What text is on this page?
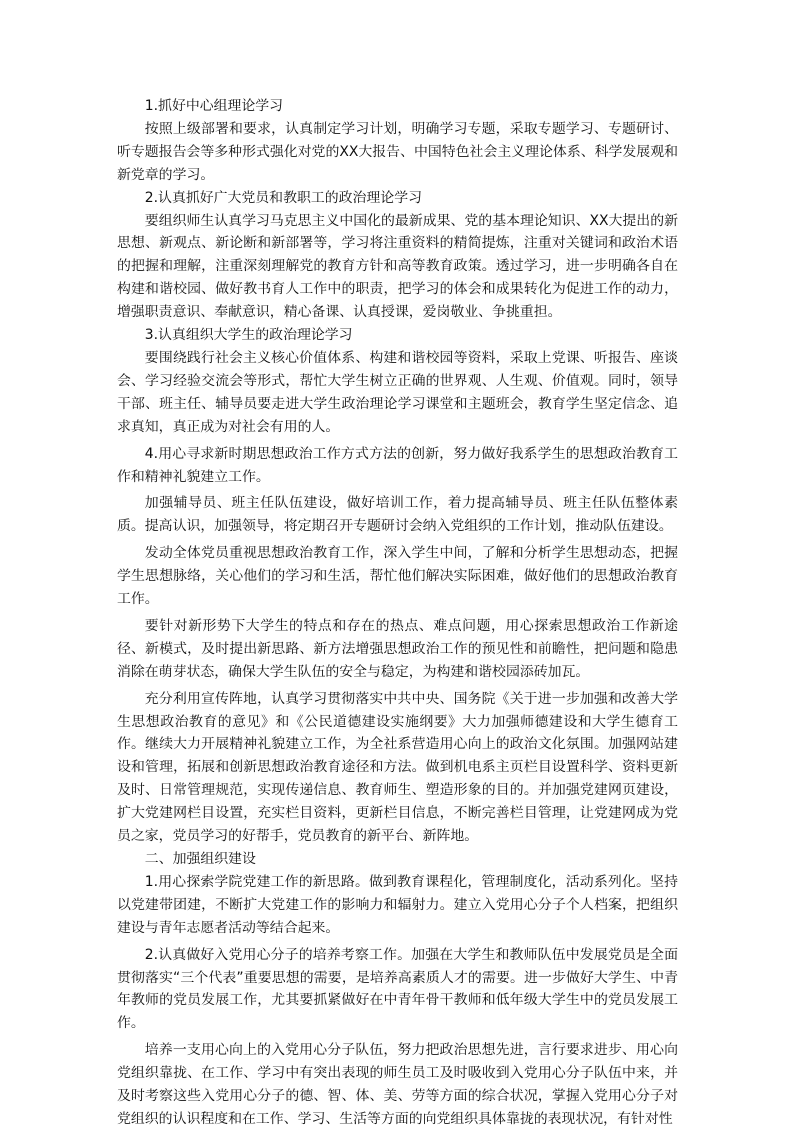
1.抓好中心组理论学习

按照上级部署和要求，认真制定学习计划，明确学习专题，采取专题学习、专题研讨、听专题报告会等多种形式强化对党的XX大报告、中国特色社会主义理论体系、科学发展观和新党章的学习。

2.认真抓好广大党员和教职工的政治理论学习

要组织师生认真学习马克思主义中国化的最新成果、党的基本理论知识、XX大提出的新思想、新观点、新论断和新部署等，学习将注重资料的精简提炼，注重对关键词和政治术语的把握和理解，注重深刻理解党的教育方针和高等教育政策。透过学习，进一步明确各自在构建和谐校园、做好教书育人工作中的职责，把学习的体会和成果转化为促进工作的动力，增强职责意识、奉献意识，精心备课、认真授课，爱岗敬业、争挑重担。

3.认真组织大学生的政治理论学习

要围绕践行社会主义核心价值体系、构建和谐校园等资料，采取上党课、听报告、座谈会、学习经验交流会等形式，帮忙大学生树立正确的世界观、人生观、价值观。同时，领导干部、班主任、辅导员要走进大学生政治理论学习课堂和主题班会，教育学生坚定信念、追求真知，真正成为对社会有用的人。

4.用心寻求新时期思想政治工作方式方法的创新，努力做好我系学生的思想政治教育工作和精神礼貌建立工作。

加强辅导员、班主任队伍建设，做好培训工作，着力提高辅导员、班主任队伍整体素质。提高认识，加强领导，将定期召开专题研讨会纳入党组织的工作计划，推动队伍建设。

发动全体党员重视思想政治教育工作，深入学生中间，了解和分析学生思想动态，把握学生思想脉络，关心他们的学习和生活，帮忙他们解决实际困难，做好他们的思想政治教育工作。

要针对新形势下大学生的特点和存在的热点、难点问题，用心探索思想政治工作新途径、新模式，及时提出新思路、新方法增强思想政治工作的预见性和前瞻性，把问题和隐患消除在萌芽状态，确保大学生队伍的安全与稳定，为构建和谐校园添砖加瓦。

充分利用宣传阵地，认真学习贯彻落实中共中央、国务院《关于进一步加强和改善大学生思想政治教育的意见》和《公民道德建设实施纲要》大力加强师德建设和大学生德育工作。继续大力开展精神礼貌建立工作，为全社系营造用心向上的政治文化氛围。加强网站建设和管理，拓展和创新思想政治教育途径和方法。做到机电系主页栏目设置科学、资料更新及时、日常管理规范，实现传递信息、教育师生、塑造形象的目的。并加强党建网页建设，扩大党建网栏目设置，充实栏目资料，更新栏目信息，不断完善栏目管理，让党建网成为党员之家，党员学习的好帮手，党员教育的新平台、新阵地。

二、加强组织建设

1.用心探索学院党建工作的新思路。做到教育课程化，管理制度化，活动系列化。坚持以党建带团建，不断扩大党建工作的影响力和辐射力。建立入党用心分子个人档案，把组织建设与青年志愿者活动等结合起来。

2.认真做好入党用心分子的培养考察工作。加强在大学生和教师队伍中发展党员是全面贯彻落实“三个代表”重要思想的需要，是培养高素质人才的需要。进一步做好大学生、中青年教师的党员发展工作，尤其要抓紧做好在中青年骨干教师和低年级大学生中的党员发展工作。

培养一支用心向上的入党用心分子队伍，努力把政治思想先进，言行要求进步、用心向党组织靠拢、在工作、学习中有突出表现的师生员工及时吸收到入党用心分子队伍中来，并及时考察这些入党用心分子的德、智、体、美、劳等方面的综合状况，掌握入党用心分子对党组织的认识程度和在工作、学习、生活等方面的向党组织具体靠拢的表现状况，有针对性
